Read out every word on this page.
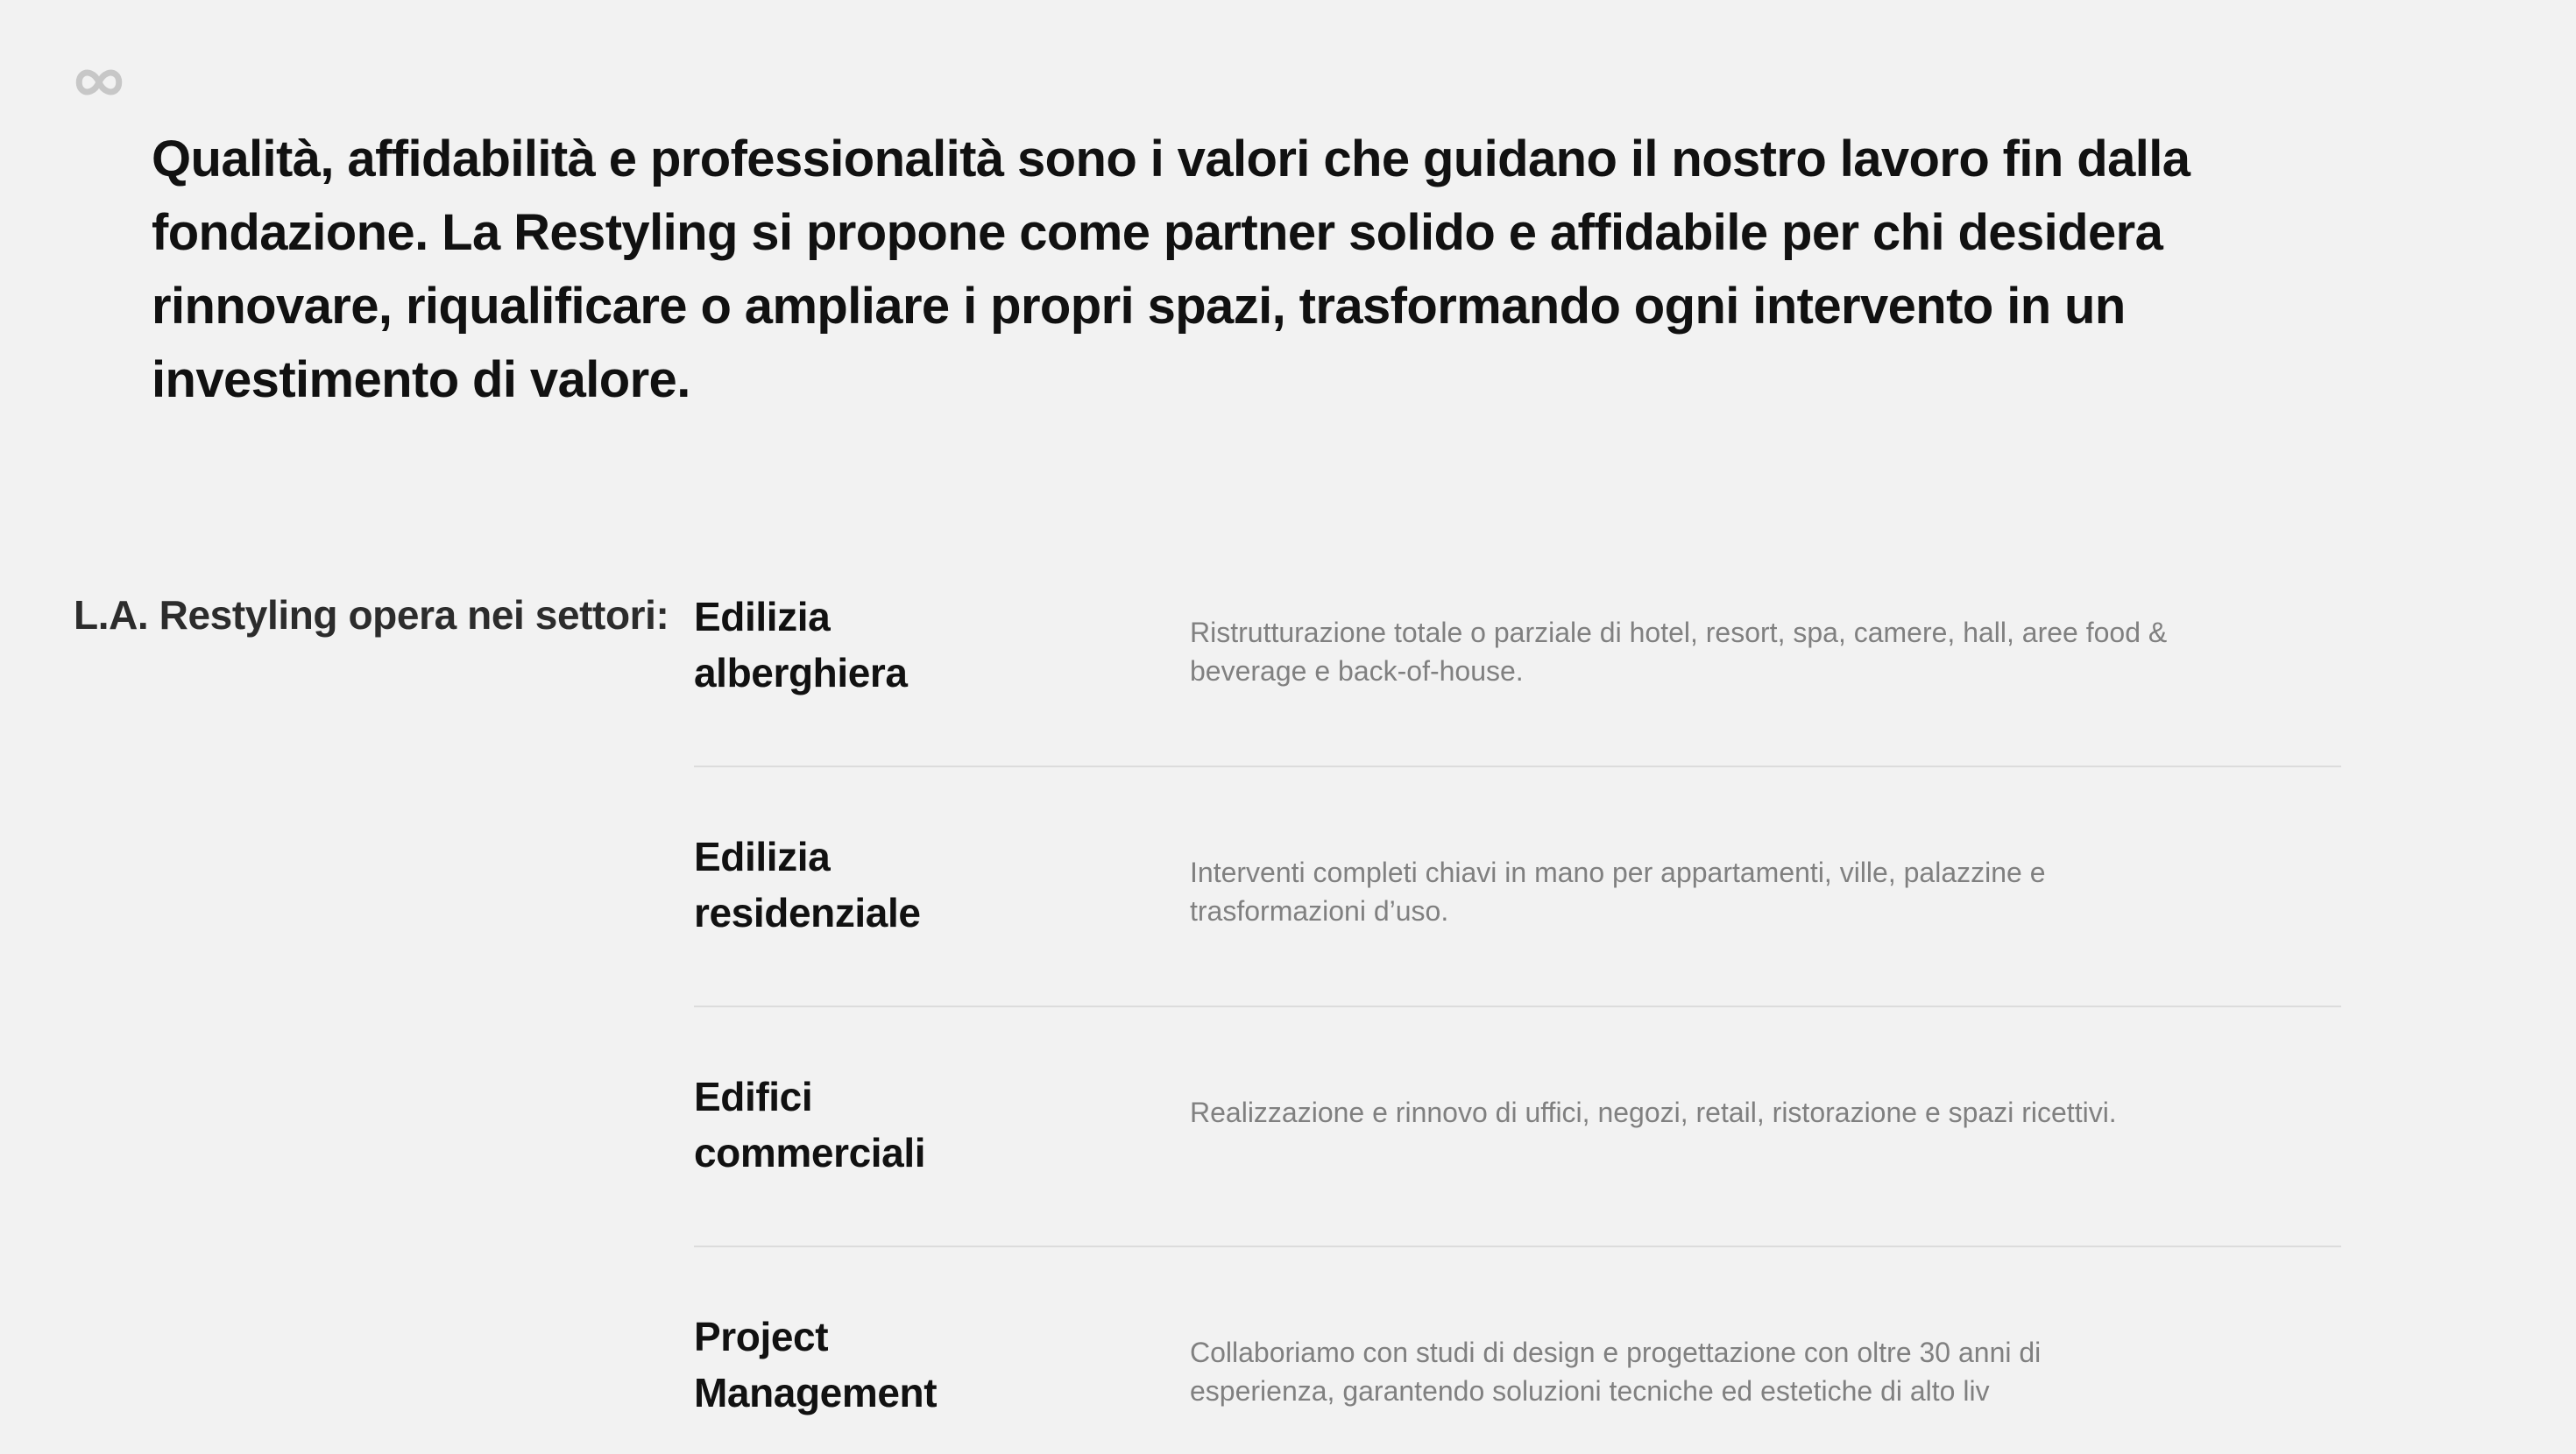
Qualità, affidabilità e professionalità sono i valori che guidano il nostro lavoro fin dalla fondazione. La Restyling si propone come partner solido e affidabile per chi desidera rinnovare, riqualificare o ampliare i propri spazi, trasformando ogni intervento in un investimento di valore.

L.A. Restyling opera nei settori: Edilizia
alberghiera

Ristrutturazione totale o parziale di hotel, resort, spa, camere, hall, aree food & beverage e back-of-house.

Edilizia
residenziale

Interventi completi chiavi in mano per appartamenti, ville, palazzine e trasformazioni d’uso.

Edifici
commerciali

Realizzazione e rinnovo di uffici, negozi, retail, ristorazione e spazi ricettivi.

Project
Management

Collaboriamo con studi di design e progettazione con oltre 30 anni di esperienza, garantendo soluzioni tecniche ed estetiche di alto liv
